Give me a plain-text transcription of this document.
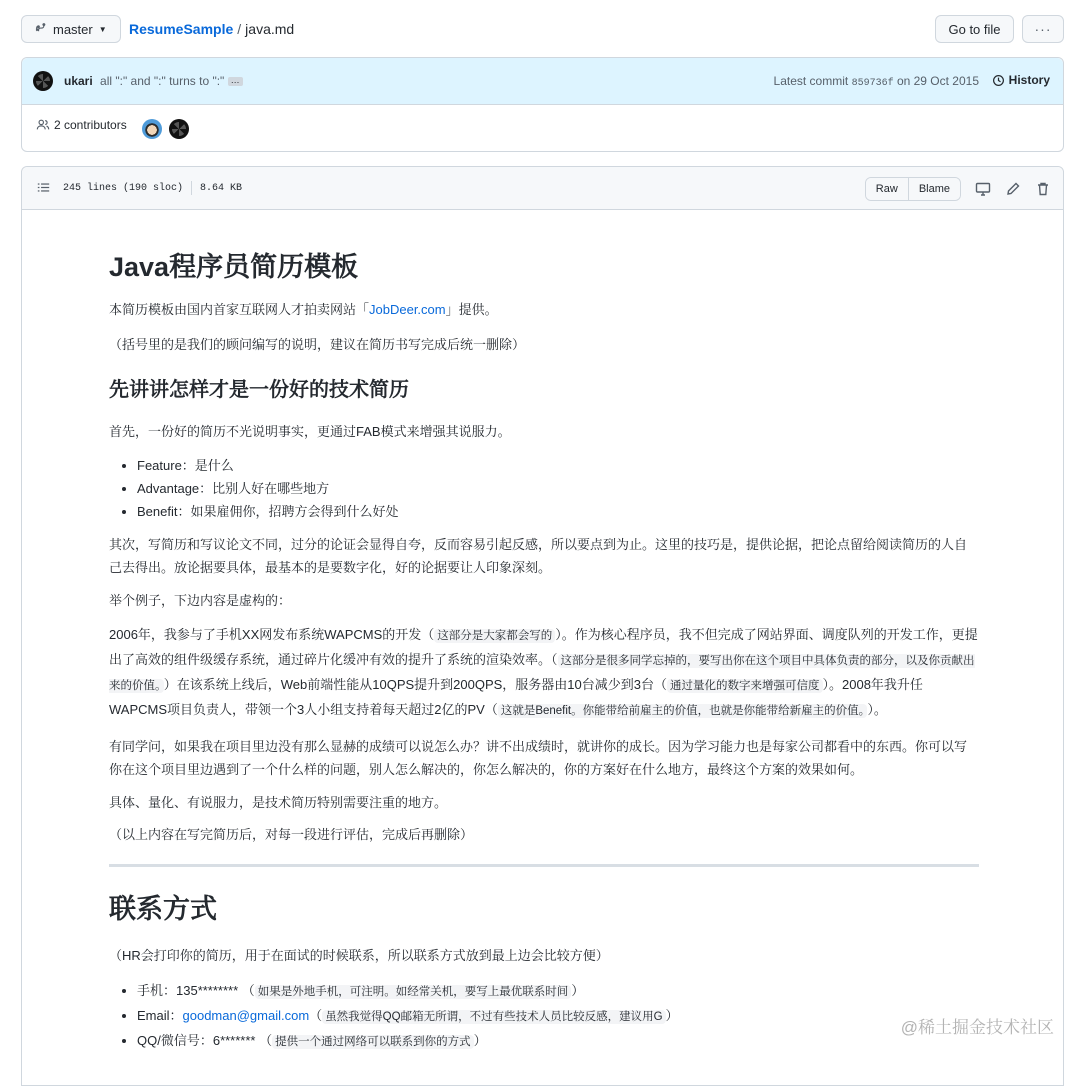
master ▼ ResumeSample / java.md	Go to file	···
ukari all ":" and ":" turns to ":" …	Latest commit 859736f on 29 Oct 2015 History
2 contributors
245 lines (190 sloc) 8.64 KB	Raw	Blame
Java程序员简历模板

本简历模板由国内首家互联网人才拍卖网站「JobDeer.com」提供。

（括号里的是我们的顾问编写的说明，建议在简历书写完成后统一删除）

先讲讲怎样才是一份好的技术简历

首先，一份好的简历不光说明事实，更通过FAB模式来增强其说服力。

• Feature：是什么
• Advantage：比别人好在哪些地方
• Benefit：如果雇佣你，招聘方会得到什么好处

其次，写简历和写议论文不同，过分的论证会显得自夸，反而容易引起反感，所以要点到为止。这里的技巧是，提供论据，把论点留给阅读简历的人自己去得出。放论据要具体，最基本的是要数字化，好的论据要让人印象深刻。

举个例子，下边内容是虚构的：

2006年，我参与了手机XX网发布系统WAPCMS的开发（ 这部分是大家都会写的 ）。作为核心程序员，我不但完成了网站界面、调度队列的开发工作，更提出了高效的组件级缓存系统，通过碎片化缓冲有效的提升了系统的渲染效率。（ 这部分是很多同学忘掉的，要写出你在这个项目中具体负责的部分，以及你贡献出来的价值。 ）在该系统上线后，Web前端性能从10QPS提升到200QPS，服务器由10台减少到3台（ 通过量化的数字来增强可信度 ）。2008年我升任WAPCMS项目负责人，带领一个3人小组支持着每天超过2亿的PV（ 这就是Benefit。你能带给前雇主的价值，也就是你能带给新雇主的价值。 ）。

有同学问，如果我在项目里边没有那么显赫的成绩可以说怎么办？讲不出成绩时，就讲你的成长。因为学习能力也是每家公司都看中的东西。你可以写你在这个项目里边遇到了一个什么样的问题，别人怎么解决的，你怎么解决的，你的方案好在什么地方，最终这个方案的效果如何。

具体、量化、有说服力，是技术简历特别需要注重的地方。

（以上内容在写完简历后，对每一段进行评估，完成后再删除）

联系方式

（HR会打印你的简历，用于在面试的时候联系，所以联系方式放到最上边会比较方便）

• 手机：135******** （ 如果是外地手机，可注明。如经常关机，要写上最优联系时间 ）
• Email：goodman@gmail.com（ 虽然我觉得QQ邮箱无所谓，不过有些技术人员比较反感，建议用G ）
• QQ/微信号：6******* （ 提供一个通过网络可以联系到你的方式 ）
@稀土掘金技术社区
